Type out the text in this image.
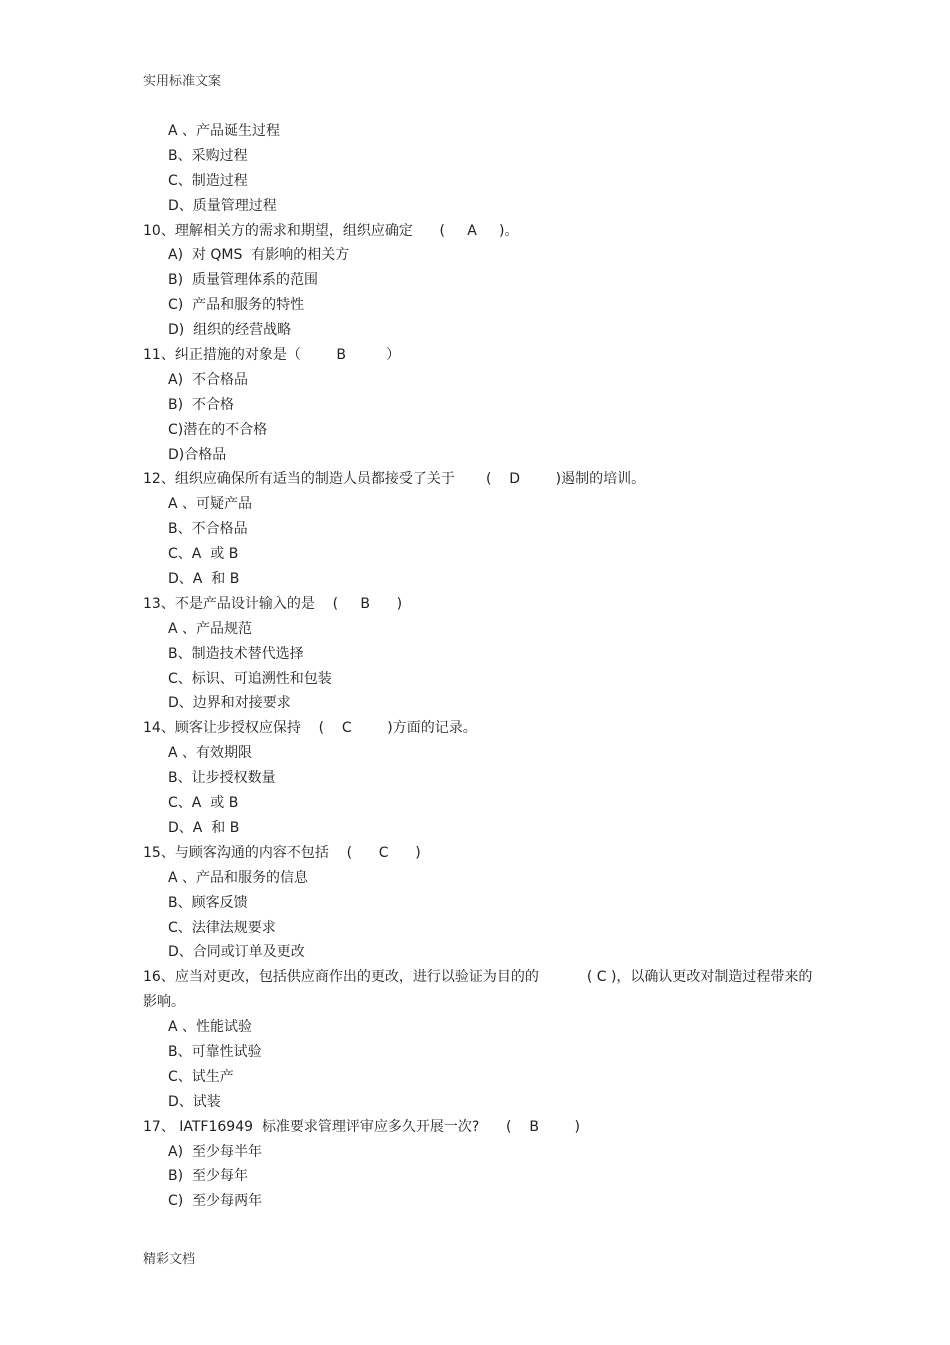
实用标准文案
A 、产品诞生过程
B、采购过程
C、制造过程
D、质量管理过程
10、理解相关方的需求和期望，组织应确定      (     A     )。
A)  对 QMS  有影响的相关方
B)  质量管理体系的范围
C)  产品和服务的特性
D)  组织的经营战略
11、纠正措施的对象是（        B         ）
A)  不合格品
B)  不合格
C)潜在的不合格
D)合格品
12、组织应确保所有适当的制造人员都接受了关于       (    D        )遏制的培训。
A 、可疑产品
B、不合格品
C、A  或 B
D、A  和 B
13、不是产品设计输入的是    (     B      )
A 、产品规范
B、制造技术替代选择
C、标识、可追溯性和包装
D、边界和对接要求
14、顾客让步授权应保持    (    C        )方面的记录。
A 、有效期限
B、让步授权数量
C、A  或 B
D、A  和 B
15、与顾客沟通的内容不包括    (      C      )
A 、产品和服务的信息
B、顾客反馈
C、法律法规要求
D、合同或订单及更改
16、应当对更改，包括供应商作出的更改，进行以验证为目的的	( C )，以确认更改对制造过程带来的影响。
A 、性能试验
B、可靠性试验
C、试生产
D、试装
17、 IATF16949  标准要求管理评审应多久开展一次?      (    B        )
A)  至少每半年
B)  至少每年
C)  至少每两年
精彩文档
